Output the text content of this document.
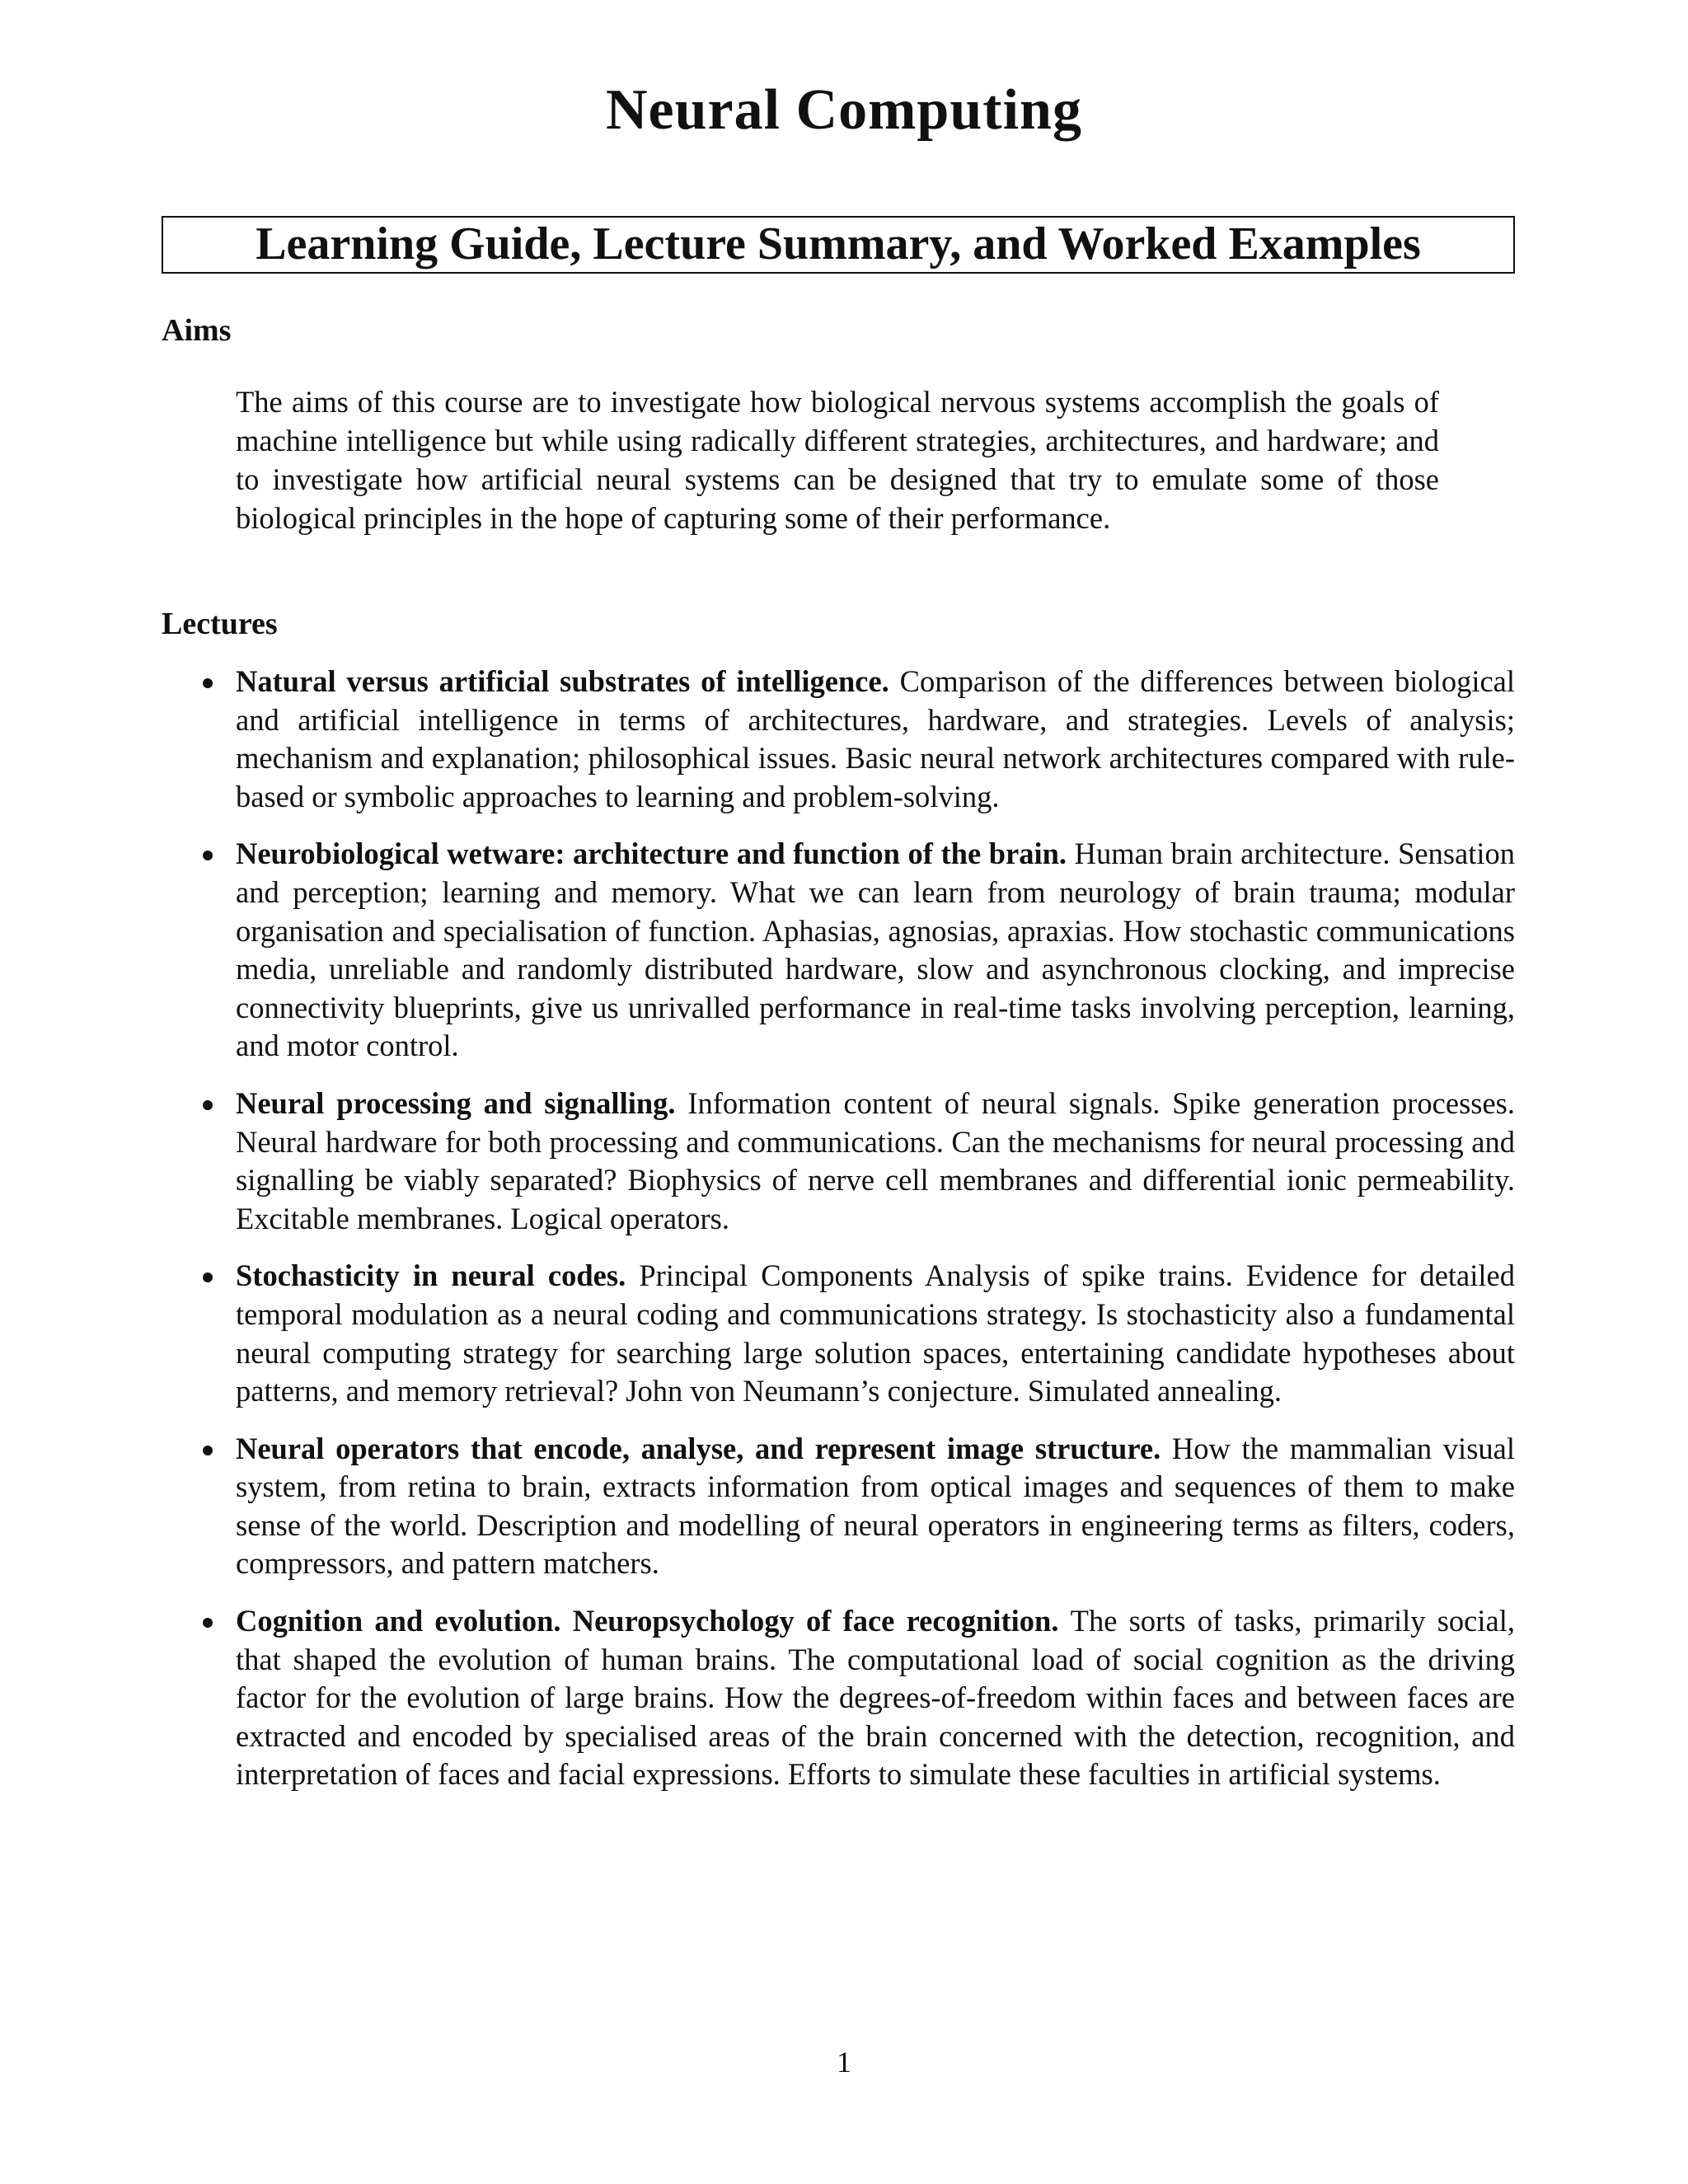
Neural Computing
Learning Guide, Lecture Summary, and Worked Examples
Aims
The aims of this course are to investigate how biological nervous systems accomplish the goals of machine intelligence but while using radically different strategies, architectures, and hardware; and to investigate how artificial neural systems can be designed that try to emulate some of those biological principles in the hope of capturing some of their performance.
Lectures
Natural versus artificial substrates of intelligence. Comparison of the differences between biological and artificial intelligence in terms of architectures, hardware, and strategies. Levels of analysis; mechanism and explanation; philosophical issues. Basic neural network architectures compared with rule-based or symbolic approaches to learning and problem-solving.
Neurobiological wetware: architecture and function of the brain. Human brain architecture. Sensation and perception; learning and memory. What we can learn from neurology of brain trauma; modular organisation and specialisation of function. Aphasias, agnosias, apraxias. How stochastic communications media, unreliable and randomly distributed hardware, slow and asynchronous clocking, and imprecise connectivity blueprints, give us unrivalled performance in real-time tasks involving perception, learning, and motor control.
Neural processing and signalling. Information content of neural signals. Spike generation processes. Neural hardware for both processing and communications. Can the mechanisms for neural processing and signalling be viably separated? Biophysics of nerve cell membranes and differential ionic permeability. Excitable membranes. Logical operators.
Stochasticity in neural codes. Principal Components Analysis of spike trains. Evidence for detailed temporal modulation as a neural coding and communications strategy. Is stochasticity also a fundamental neural computing strategy for searching large solution spaces, entertaining candidate hypotheses about patterns, and memory retrieval? John von Neumann’s conjecture. Simulated annealing.
Neural operators that encode, analyse, and represent image structure. How the mammalian visual system, from retina to brain, extracts information from optical images and sequences of them to make sense of the world. Description and modelling of neural operators in engineering terms as filters, coders, compressors, and pattern matchers.
Cognition and evolution. Neuropsychology of face recognition. The sorts of tasks, primarily social, that shaped the evolution of human brains. The computational load of social cognition as the driving factor for the evolution of large brains. How the degrees-of-freedom within faces and between faces are extracted and encoded by specialised areas of the brain concerned with the detection, recognition, and interpretation of faces and facial expressions. Efforts to simulate these faculties in artificial systems.
1
